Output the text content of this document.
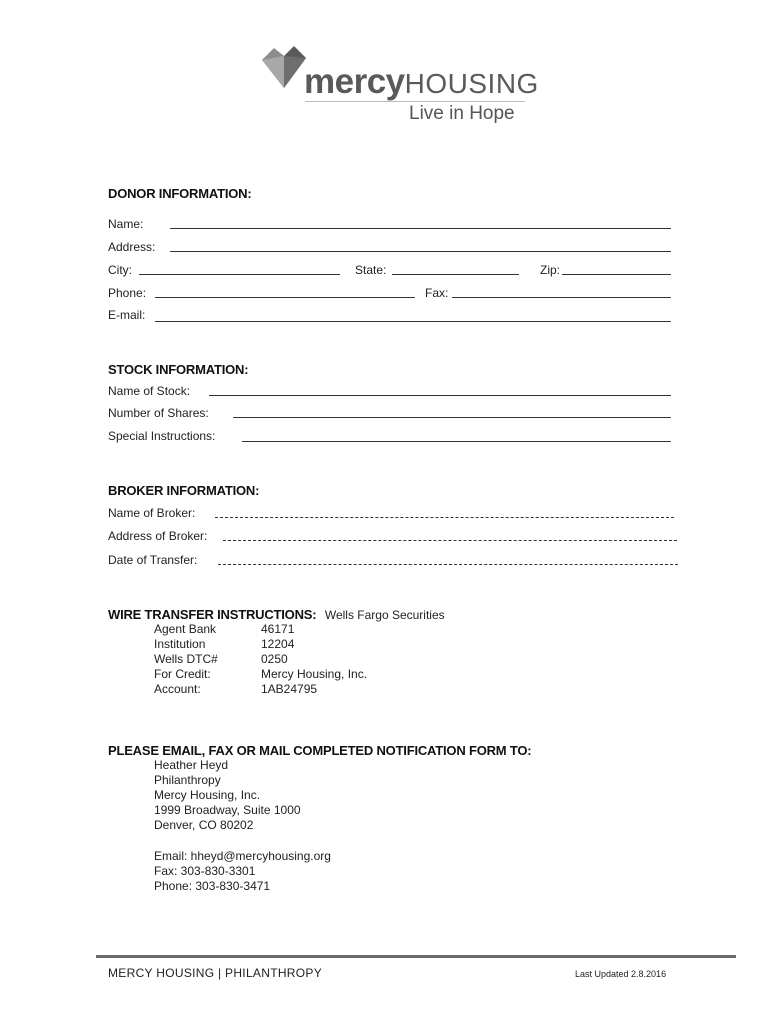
mercyHOUSING
Live in Hope
DONOR INFORMATION:
Name:
Address:
City:	State:	Zip:
Phone:	Fax:
E-mail:
STOCK INFORMATION:
Name of Stock:
Number of Shares:
Special Instructions:
BROKER INFORMATION:
Name of Broker:
Address of Broker:
Date of Transfer:
WIRE TRANSFER INSTRUCTIONS: Wells Fargo Securities
Agent Bank	46171
Institution	12204
Wells DTC#	0250
For Credit:	Mercy Housing, Inc.
Account:	1AB24795
PLEASE EMAIL, FAX OR MAIL COMPLETED NOTIFICATION FORM TO:
Heather Heyd
Philanthropy
Mercy Housing, Inc.
1999 Broadway, Suite 1000
Denver, CO 80202
Email: hheyd@mercyhousing.org
Fax: 303-830-3301
Phone: 303-830-3471
MERCY HOUSING | PHILANTHROPY	Last Updated 2.8.2016
